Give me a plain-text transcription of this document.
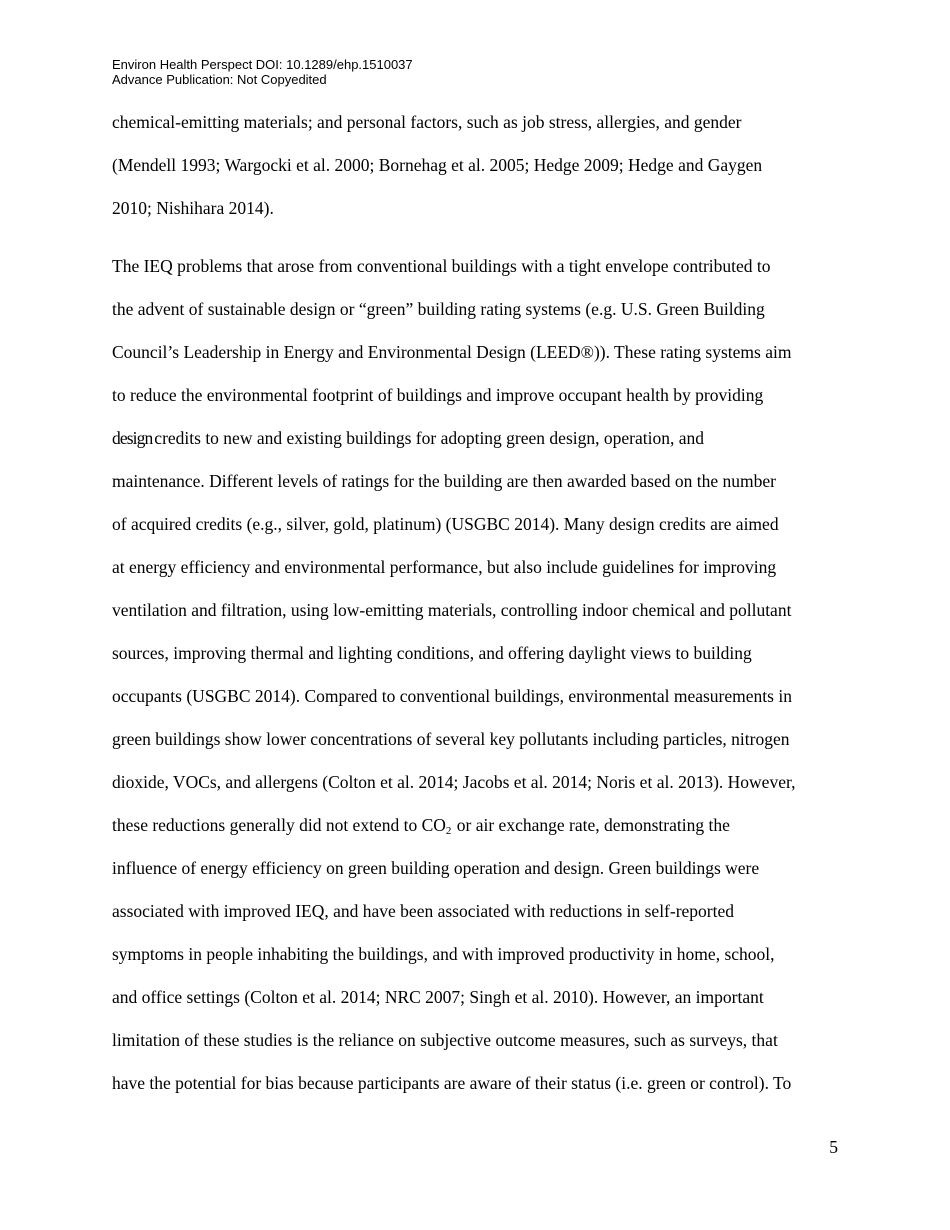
Environ Health Perspect DOI: 10.1289/ehp.1510037
Advance Publication: Not Copyedited
chemical-emitting materials; and personal factors, such as job stress, allergies, and gender
(Mendell 1993; Wargocki et al. 2000; Bornehag et al. 2005; Hedge 2009; Hedge and Gaygen
2010; Nishihara 2014).
The IEQ problems that arose from conventional buildings with a tight envelope contributed to
the advent of sustainable design or “green” building rating systems (e.g. U.S. Green Building
Council’s Leadership in Energy and Environmental Design (LEED®)). These rating systems aim
to reduce the environmental footprint of buildings and improve occupant health by providing
design credits to new and existing buildings for adopting green design, operation, and
maintenance. Different levels of ratings for the building are then awarded based on the number
of acquired credits (e.g., silver, gold, platinum) (USGBC 2014). Many design credits are aimed
at energy efficiency and environmental performance, but also include guidelines for improving
ventilation and filtration, using low-emitting materials, controlling indoor chemical and pollutant
sources, improving thermal and lighting conditions, and offering daylight views to building
occupants (USGBC 2014). Compared to conventional buildings, environmental measurements in
green buildings show lower concentrations of several key pollutants including particles, nitrogen
dioxide, VOCs, and allergens (Colton et al. 2014; Jacobs et al. 2014; Noris et al. 2013). However,
these reductions generally did not extend to $CO_2$ or air exchange rate, demonstrating the
influence of energy efficiency on green building operation and design. Green buildings were
associated with improved IEQ, and have been associated with reductions in self-reported
symptoms in people inhabiting the buildings, and with improved productivity in home, school,
and office settings (Colton et al. 2014; NRC 2007; Singh et al. 2010). However, an important
limitation of these studies is the reliance on subjective outcome measures, such as surveys, that
have the potential for bias because participants are aware of their status (i.e. green or control). To
5
